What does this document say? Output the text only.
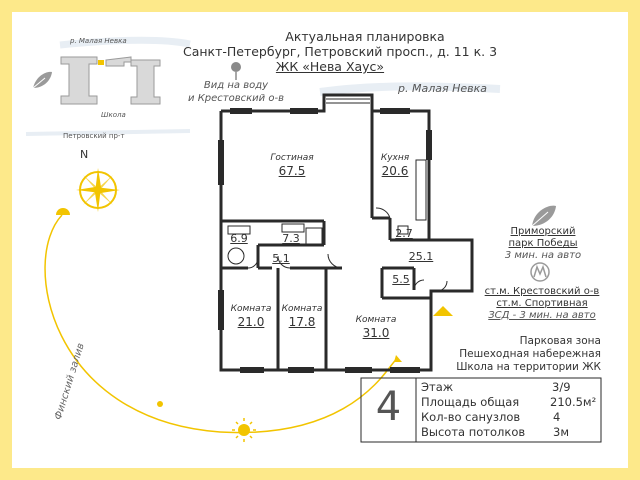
Актуальная планировка
Санкт-Петербург, Петровский просп., д. 11 к. 3
ЖК «Нева Хаус»
р. Малая Невка
Школа
Петровский пр-т
N
Финский залив
Вид на воду
и Крестовский о-в
р. Малая Невка
Гостиная
67.5
Кухня
20.6
6.9	7.3
5.1
2.7
25.1
5.5
Комната
21.0
Комната
17.8	Комната
31.0
Приморский
парк Победы
3 мин. на авто
ст.м. Крестовский о-в
ст.м. Спортивная
ЗСД - 3 мин. на авто
Парковая зона
Пешеходная набережная
Школа на территории ЖК
4	Этаж	3/9
Площадь общая	210.5м²
Кол-во санузлов	4
Высота потолков 3м
